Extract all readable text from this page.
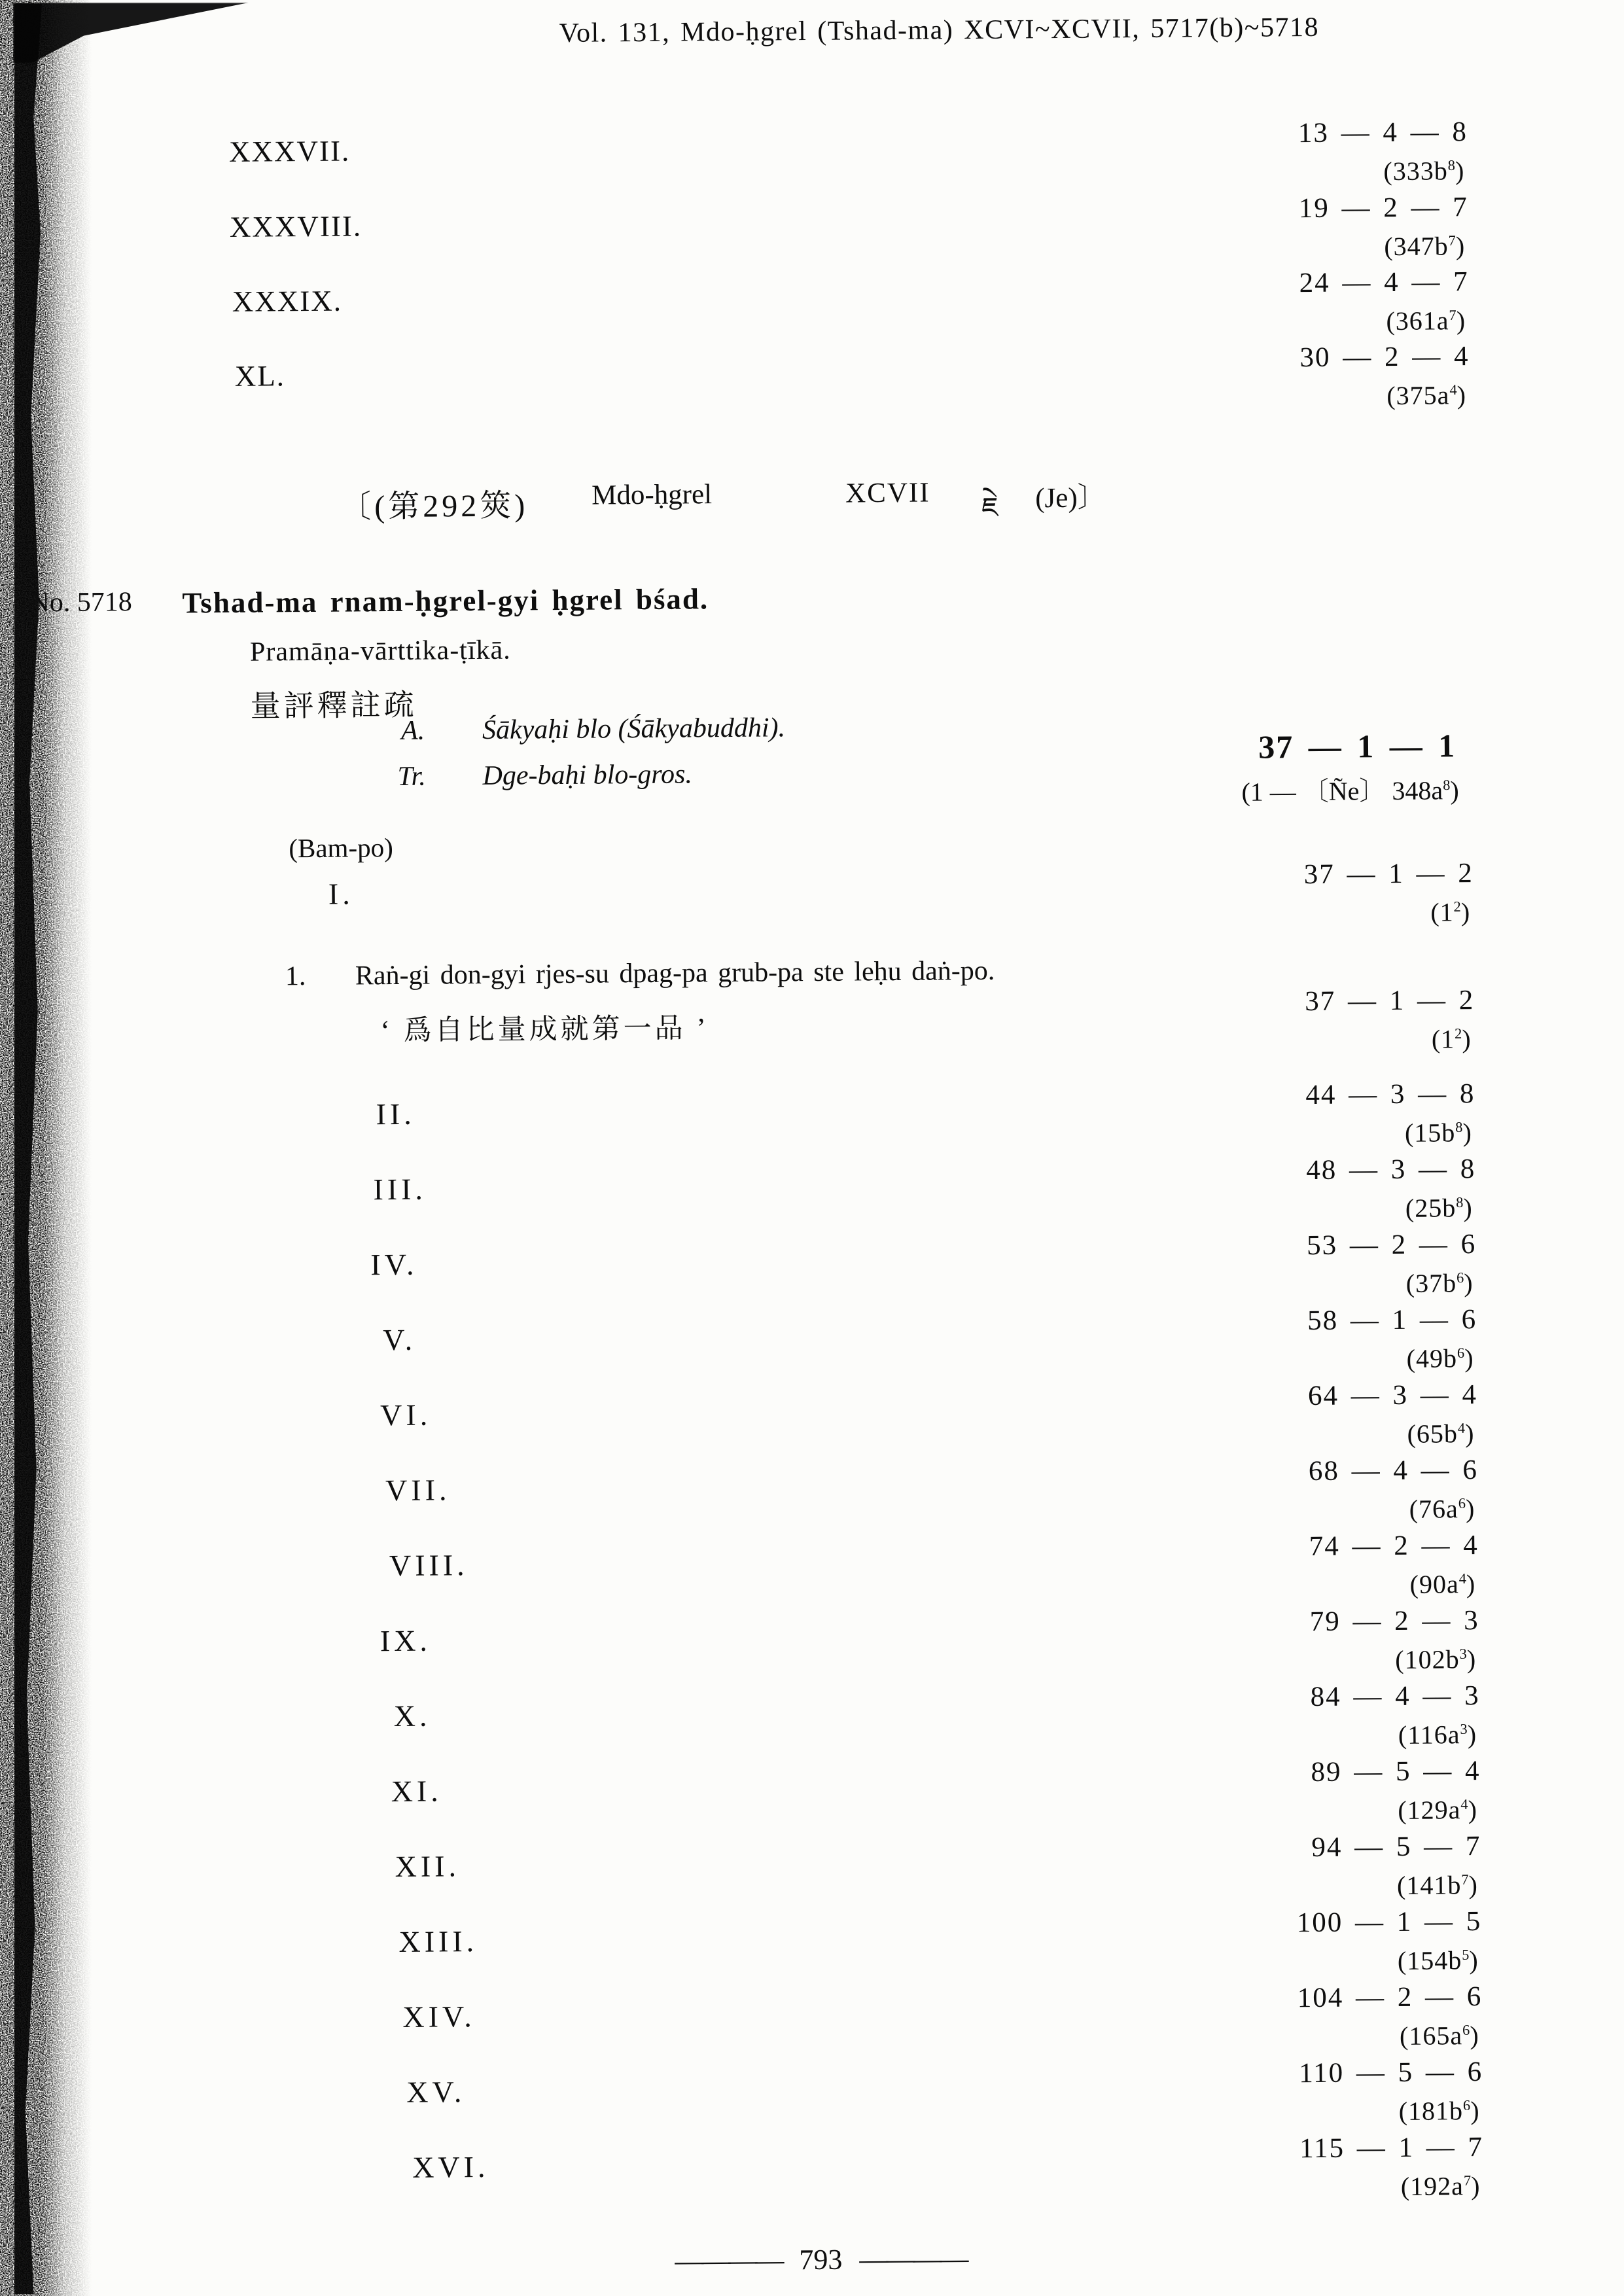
Vol. 131, Mdo-ḥgrel (Tshad-ma) XCVI~XCVII, 5717(b)~5718
XXXVII.
13 — 4 — 8
$(333b^8)$
XXXVIII.
19 — 2 — 7
$(347b^7)$
XXXIX.
24 — 4 — 7
$(361a^7)$
XL.
30 — 2 — 4
$(375a^4)$
〔(第292筴) Mdo-ḥgrel	XCVII ཇེ (Je)〕
No. 5718 Tshad-ma rnam-ḥgrel-gyi ḥgrel bśad.
Pramāṇa-vārttika-ṭīkā.
量評釋註疏
A. Śākyaḥi blo (Śākyabuddhi).
Tr. Dge-baḥi blo-gros.
37 — 1 — 1
(1 — 〔Ñe〕 $348a^8$)
(Bam-po)
I.
37 — 1 — 2
$(1^2)$
1. Raṅ-gi don-gyi rjes-su dpag-pa grub-pa ste leḥu daṅ-po.
37 — 1 — 2
$(1^2)$
‘ 爲自比量成就第一品 ’
II.
44 — 3 — 8
$(15b^8)$
III.
48 — 3 — 8
$(25b^8)$
IV.
53 — 2 — 6
$(37b^6)$
V.
58 — 1 — 6
$(49b^6)$
VI.
64 — 3 — 4
$(65b^4)$
VII.
68 — 4 — 6
$(76a^6)$
VIII.
74 — 2 — 4
$(90a^4)$
IX.
79 — 2 — 3
$(102b^3)$
X.
84 — 4 — 3
$(116a^3)$
XI.
89 — 5 — 4
$(129a^4)$
XII.
94 — 5 — 7
$(141b^7)$
XIII.
100 — 1 — 5
$(154b^5)$
XIV.
104 — 2 — 6
$(165a^6)$
XV.
110 — 5 — 6
$(181b^6)$
XVI.
115 — 1 — 7
$(192a^7)$
———— 793 ————
